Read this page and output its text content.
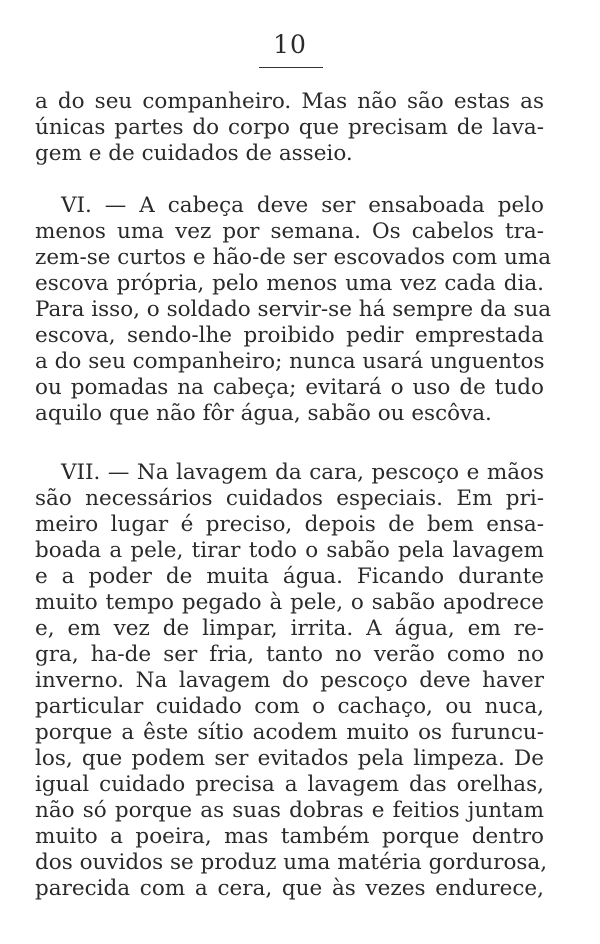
10
a do seu companheiro. Mas não são estas as
únicas partes do corpo que precisam de lava-
gem e de cuidados de asseio.
VI. — A cabeça deve ser ensaboada pelo
menos uma vez por semana. Os cabelos tra-
zem-se curtos e hão-de ser escovados com uma
escova própria, pelo menos uma vez cada dia.
Para isso, o soldado servir-se há sempre da sua
escova, sendo-lhe proibido pedir emprestada
a do seu companheiro; nunca usará unguentos
ou pomadas na cabeça; evitará o uso de tudo
aquilo que não fôr água, sabão ou escôva.
VII. — Na lavagem da cara, pescoço e mãos
são necessários cuidados especiais. Em pri-
meiro lugar é preciso, depois de bem ensa-
boada a pele, tirar todo o sabão pela lavagem
e a poder de muita água. Ficando durante
muito tempo pegado à pele, o sabão apodrece
e, em vez de limpar, irrita. A água, em re-
gra, ha-de ser fria, tanto no verão como no
inverno. Na lavagem do pescoço deve haver
particular cuidado com o cachaço, ou nuca,
porque a êste sítio acodem muito os furuncu-
los, que podem ser evitados pela limpeza. De
igual cuidado precisa a lavagem das orelhas,
não só porque as suas dobras e feitios juntam
muito a poeira, mas também porque dentro
dos ouvidos se produz uma matéria gordurosa,
parecida com a cera, que às vezes endurece,
